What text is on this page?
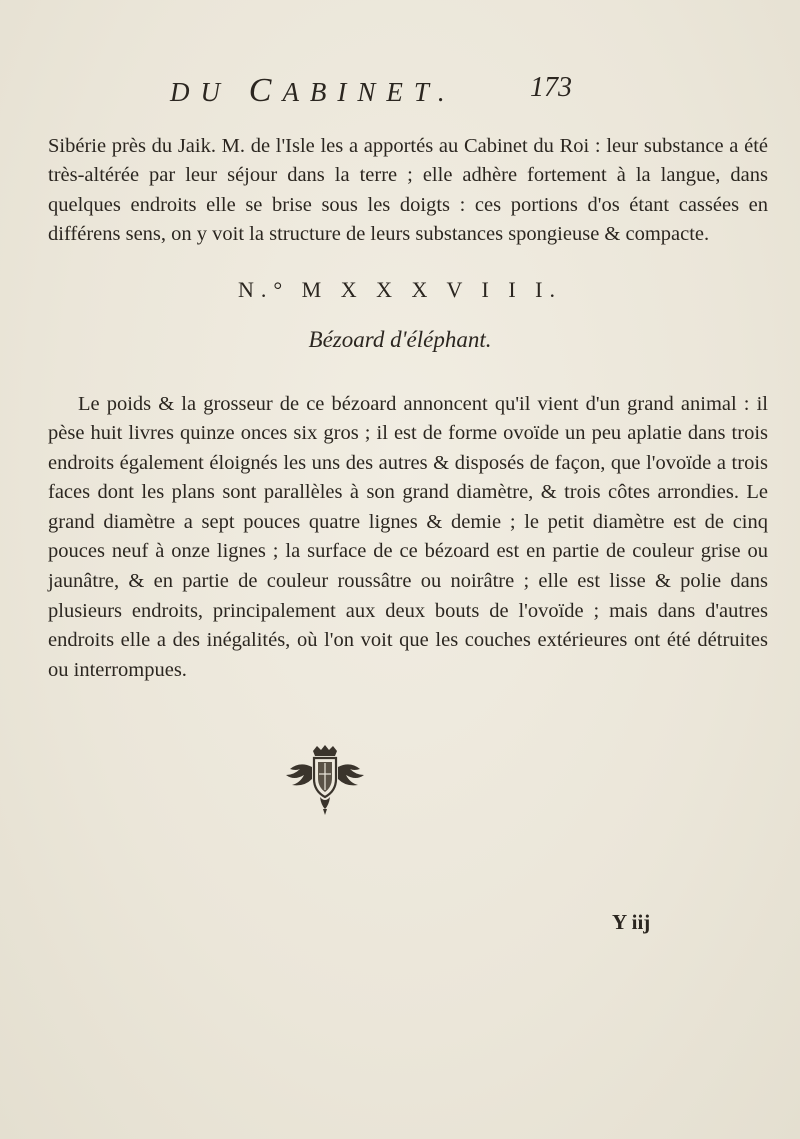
DU CABINET.	173

Sibérie près du Jaik. M. de l'Isle les a apportés au Cabinet du Roi : leur substance a été très-altérée par leur séjour dans la terre ; elle adhère fortement à la langue, dans quelques endroits elle se brise sous les doigts : ces portions d'os étant cassées en différens sens, on y voit la structure de leurs substances spongieuse & compacte.

N.° M X X X V I I I.
Bézoard d'éléphant.

Le poids & la grosseur de ce bézoard annoncent qu'il vient d'un grand animal : il pèse huit livres quinze onces six gros ; il est de forme ovoïde un peu aplatie dans trois endroits également éloignés les uns des autres & disposés de façon, que l'ovoïde a trois faces dont les plans sont parallèles à son grand diamètre, & trois côtes arrondies. Le grand diamètre a sept pouces quatre lignes & demie ; le petit diamètre est de cinq pouces neuf à onze lignes ; la surface de ce bézoard est en partie de couleur grise ou jaunâtre, & en partie de couleur roussâtre ou noirâtre ; elle est lisse & polie dans plusieurs endroits, principalement aux deux bouts de l'ovoïde ; mais dans d'autres endroits elle a des inégalités, où l'on voit que les couches extérieures ont été détruites ou interrompues.

Y iij
